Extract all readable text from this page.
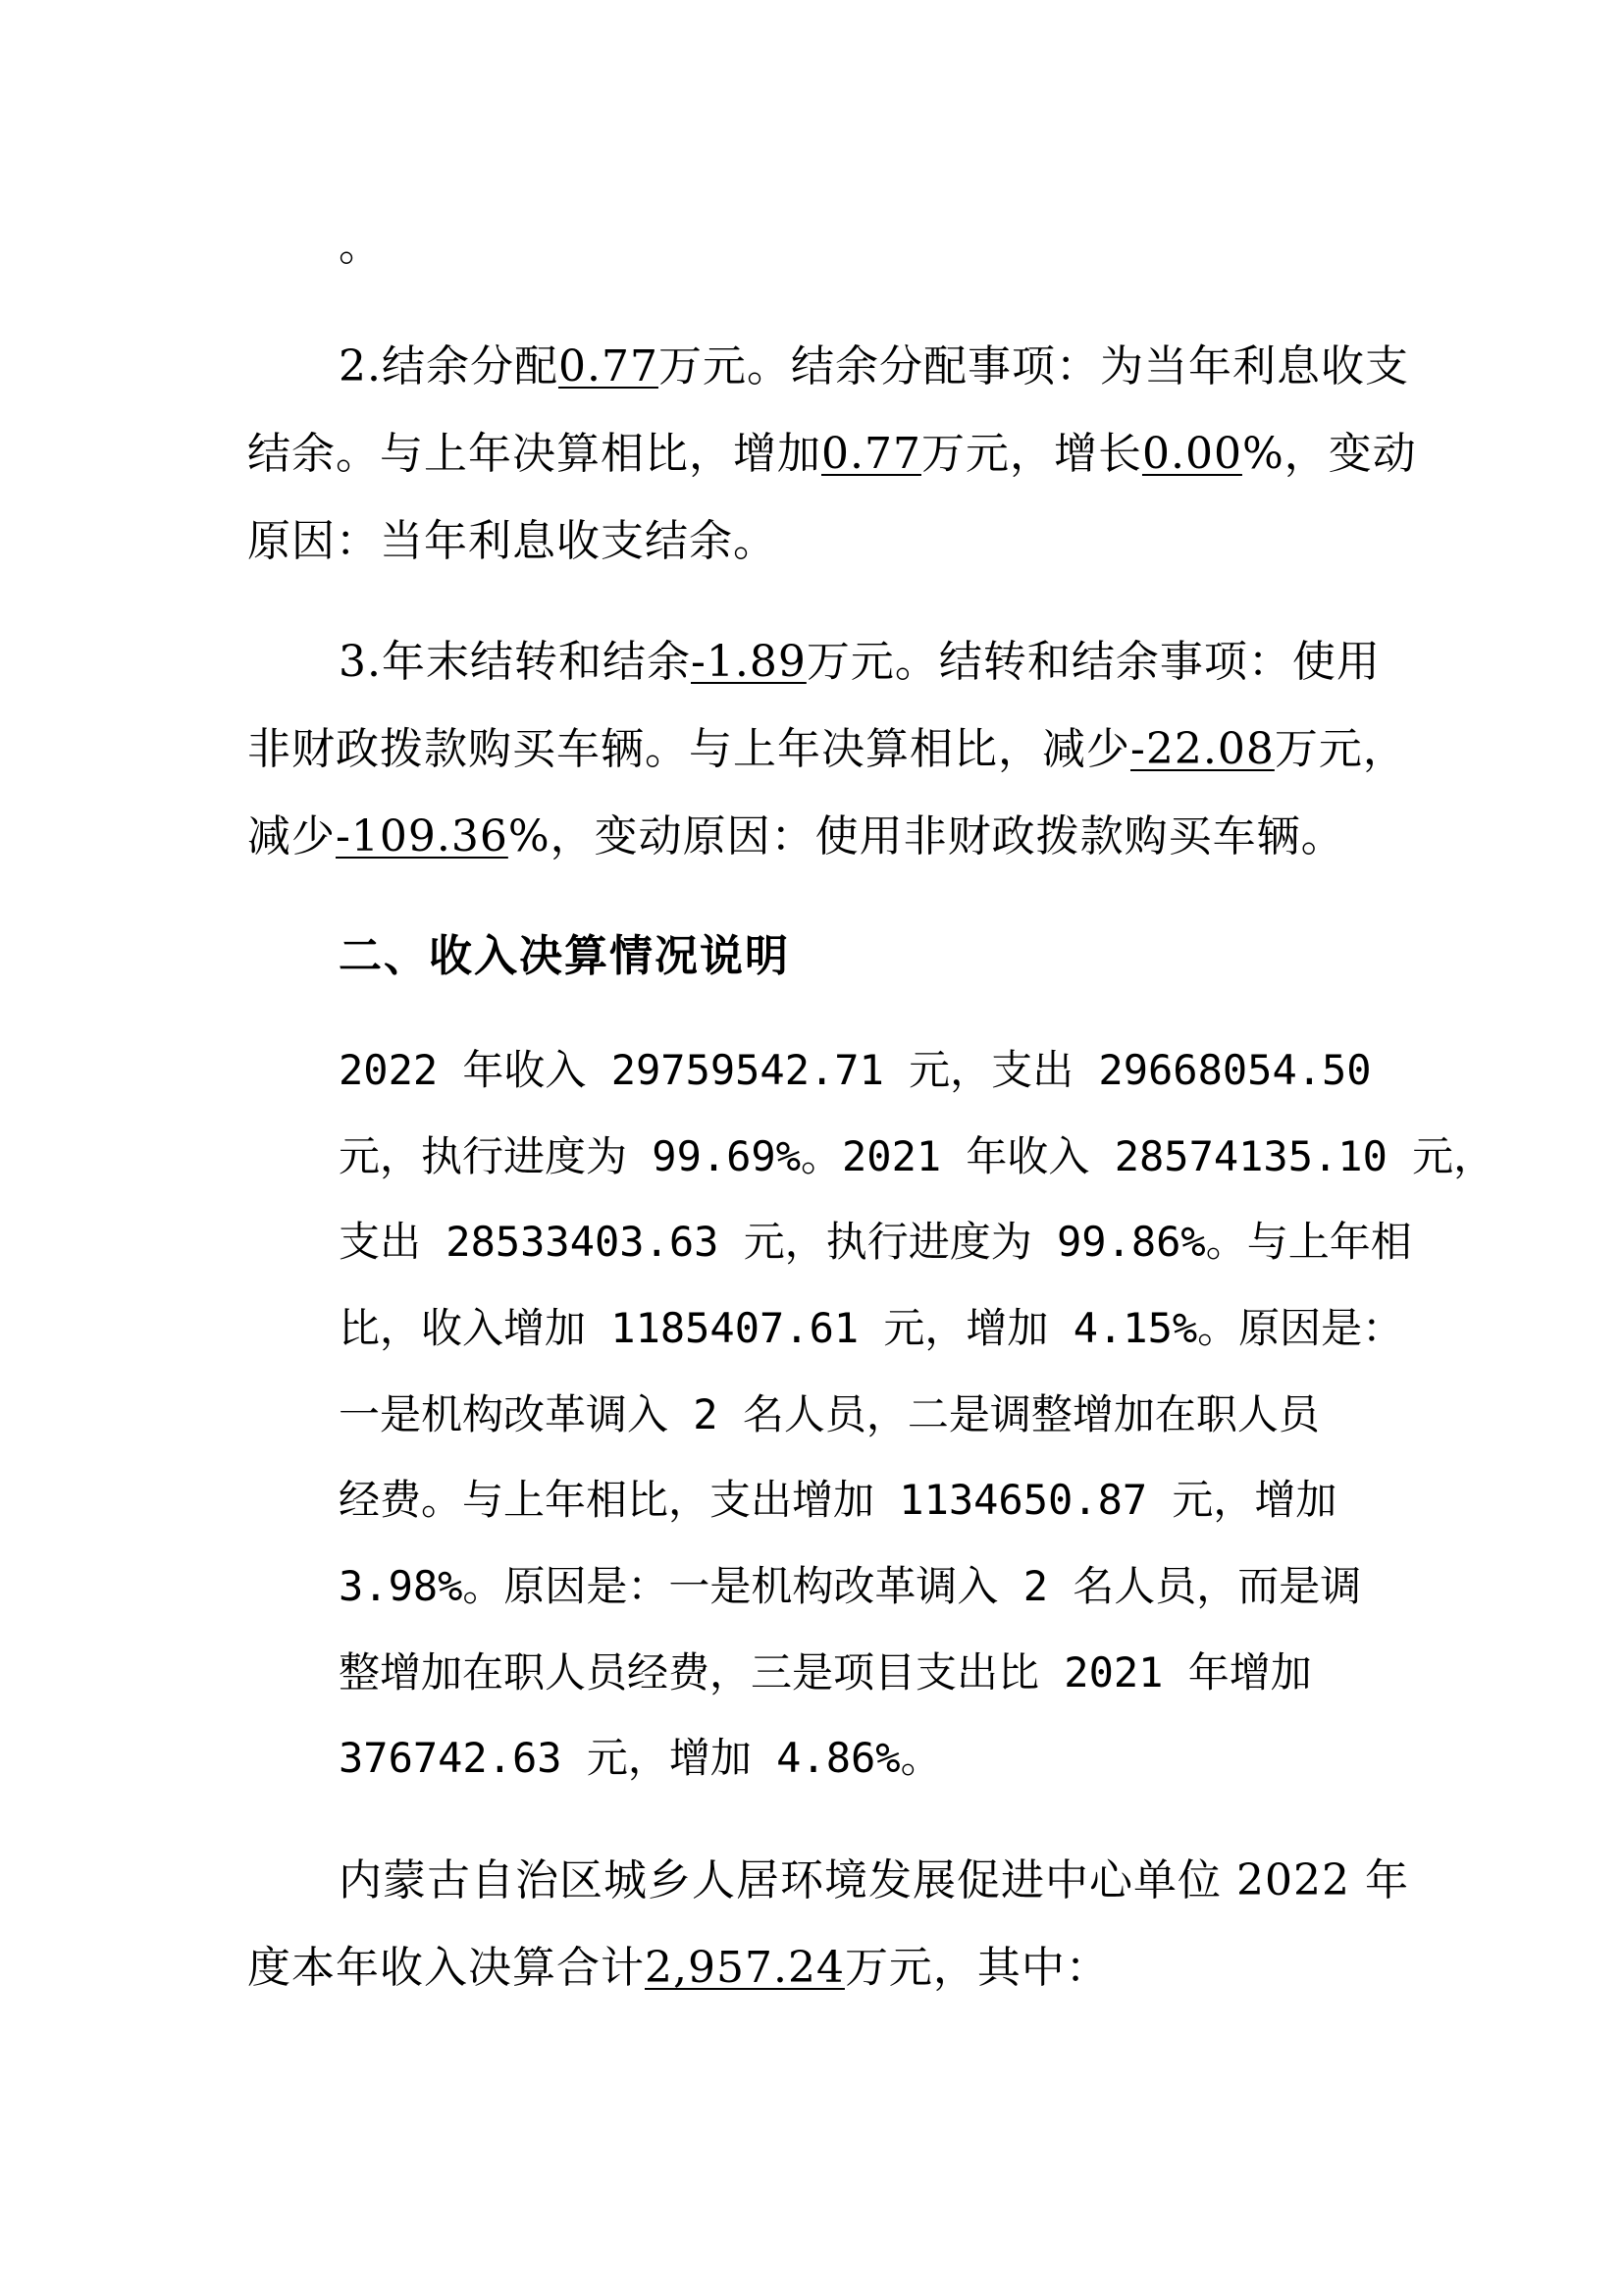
。
2.结余分配0.77万元。结余分配事项：为当年利息收支
结余。与上年决算相比，增加0.77万元，增长0.00%，变动
原因：当年利息收支结余。
3.年末结转和结余-1.89万元。结转和结余事项：使用
非财政拨款购买车辆。与上年决算相比，减少-22.08万元，
减少-109.36%，变动原因：使用非财政拨款购买车辆。
二、收入决算情况说明
2022 年收入 29759542.71 元，支出 29668054.50
元，执行进度为 99.69%。2021 年收入 28574135.10 元，
支出 28533403.63 元，执行进度为 99.86%。与上年相
比，收入增加 1185407.61 元，增加 4.15%。原因是：
一是机构改革调入 2 名人员，二是调整增加在职人员
经费。与上年相比，支出增加 1134650.87 元，增加
3.98%。原因是：一是机构改革调入 2 名人员，而是调
整增加在职人员经费，三是项目支出比 2021 年增加
376742.63 元，增加 4.86%。
内蒙古自治区城乡人居环境发展促进中心单位 2022 年
度本年收入决算合计2,957.24万元，其中：
